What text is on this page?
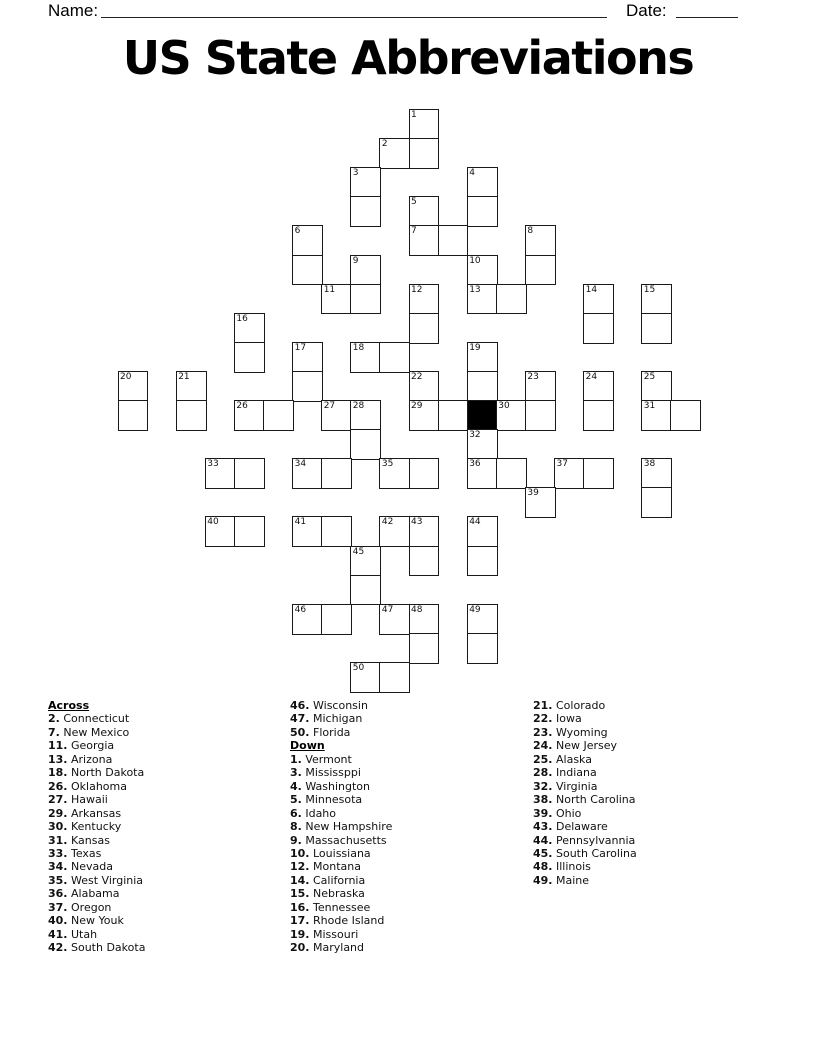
Name:	Date:
US State Abbreviations
1
2
3	4
5
6	7	8
9	10
11	12	13	14	15
16
17	18	19
20	21	22	23	24	25
26	27 28	29	30	31
32
33	34	35	36	37	38
39
40	41	42 43	44
45
46	47 48	49
50
Across
2. Connecticut
7. New Mexico
11. Georgia
13. Arizona
18. North Dakota
26. Oklahoma
27. Hawaii
29. Arkansas
30. Kentucky
31. Kansas
33. Texas
34. Nevada
35. West Virginia
36. Alabama
37. Oregon
40. New Youk
41. Utah
42. South Dakota
46. Wisconsin
47. Michigan
50. Florida
Down
1. Vermont
3. Mississppi
4. Washington
5. Minnesota
6. Idaho
8. New Hampshire
9. Massachusetts
10. Louissiana
12. Montana
14. California
15. Nebraska
16. Tennessee
17. Rhode Island
19. Missouri
20. Maryland
21. Colorado
22. Iowa
23. Wyoming
24. New Jersey
25. Alaska
28. Indiana
32. Virginia
38. North Carolina
39. Ohio
43. Delaware
44. Pennsylvannia
45. South Carolina
48. Illinois
49. Maine
